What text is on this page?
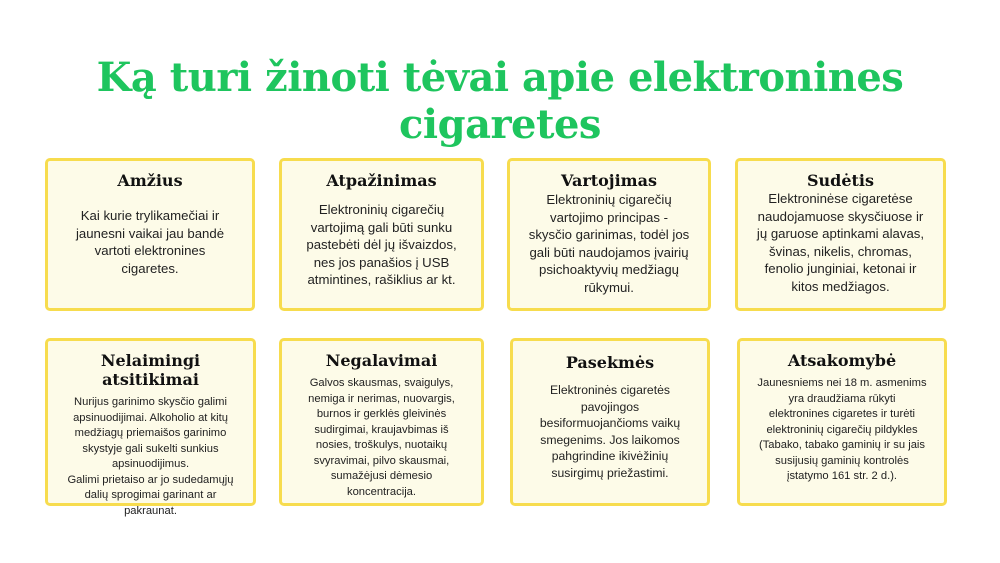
Ką turi žinoti tėvai apie elektronines cigaretes
Amžius
Kai kurie trylikamečiai ir
jaunesni vaikai jau bandė
vartoti elektronines
cigaretes.
Atpažinimas
Elektroninių cigarečių
vartojimą gali būti sunku
pastebėti dėl jų išvaizdos,
nes jos panašios į USB
atmintines, rašiklius ar kt.
Vartojimas
Elektroninių cigarečių
vartojimo principas -
skysčio garinimas, todėl jos
gali būti naudojamos įvairių
psichoaktyvių medžiagų
rūkymui.
Sudėtis
Elektroninėse cigaretėse
naudojamuose skysčiuose ir
jų garuose aptinkami alavas,
švinas, nikelis, chromas,
fenolio junginiai, ketonai ir
kitos medžiagos.
Nelaimingi atsitikimai
Nurijus garinimo skysčio galimi
apsinuodijimai. Alkoholio at kitų
medžiagų priemaišos garinimo
skystyje gali sukelti sunkius
apsinuodijimus.
Galimi prietaiso ar jo sudedamųjų
dalių sprogimai garinant ar
pakraunat.
Negalavimai
Galvos skausmas, svaigulys,
nemiga ir nerimas, nuovargis,
burnos ir gerklės gleivinės
sudirgimai, kraujavbimas iš
nosies, troškulys, nuotaikų
svyravimai, pilvo skausmai,
sumažėjusi dėmesio
koncentracija.
Pasekmės
Elektroninės cigaretės
pavojingos
besiformuojančioms vaikų
smegenims. Jos laikomos
pahgrindine ikivėžinių
susirgimų priežastimi.
Atsakomybė
Jaunesniems nei 18 m. asmenims
yra draudžiama rūkyti
elektronines cigaretes ir turėti
elektroninių cigarečių pildykles
(Tabako, tabako gaminių ir su jais
susijusių gaminių kontrolės
įstatymo 161 str. 2 d.).
